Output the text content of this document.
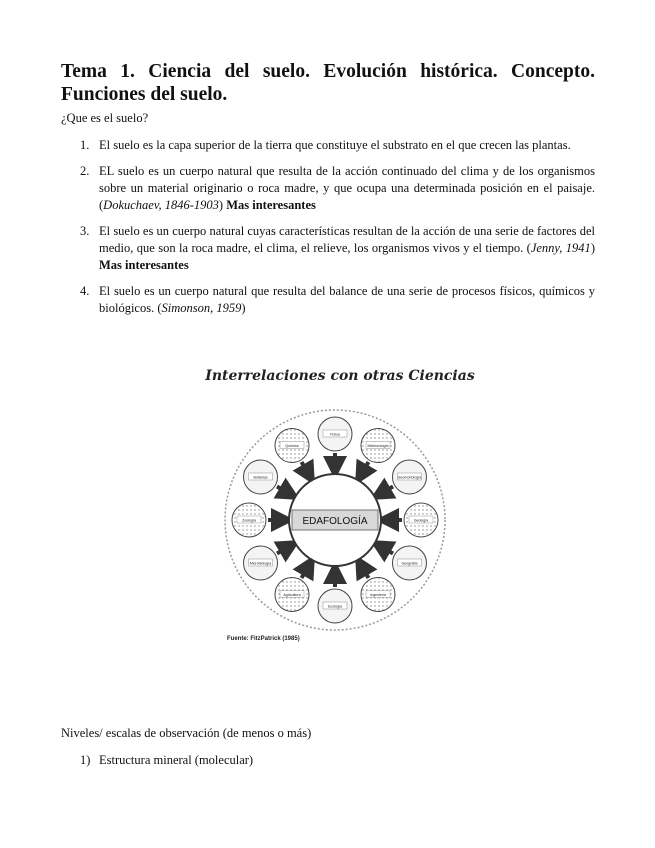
Tema 1. Ciencia del suelo. Evolución histórica. Concepto. Funciones del suelo.
¿Que es el suelo?
1. El suelo es la capa superior de la tierra que constituye el substrato en el que crecen las plantas.
2. EL suelo es un cuerpo natural que resulta de la acción continuado del clima y de los organismos sobre un material originario o roca madre, y que ocupa una determinada posición en el paisaje. (Dokuchaev, 1846-1903) Mas interesantes
3. El suelo es un cuerpo natural cuyas características resultan de la acción de una serie de factores del medio, que son la roca madre, el clima, el relieve, los organismos vivos y el tiempo. (Jenny, 1941) Mas interesantes
4. El suelo es un cuerpo natural que resulta del balance de una serie de procesos físicos, químicos y biológicos. (Simonson, 1959)
Interrelaciones con otras Ciencias
EDAFOLOGÍA
Física
Meteorología
Geomorfología
Geología
Geografía
Ingeniería
Ecología
Agricultura
Microbiología
Zoología
Botánica
Química
Fuente: FitzPatrick (1985)
Niveles/ escalas de observación (de menos o más)
1) Estructura mineral (molecular)
